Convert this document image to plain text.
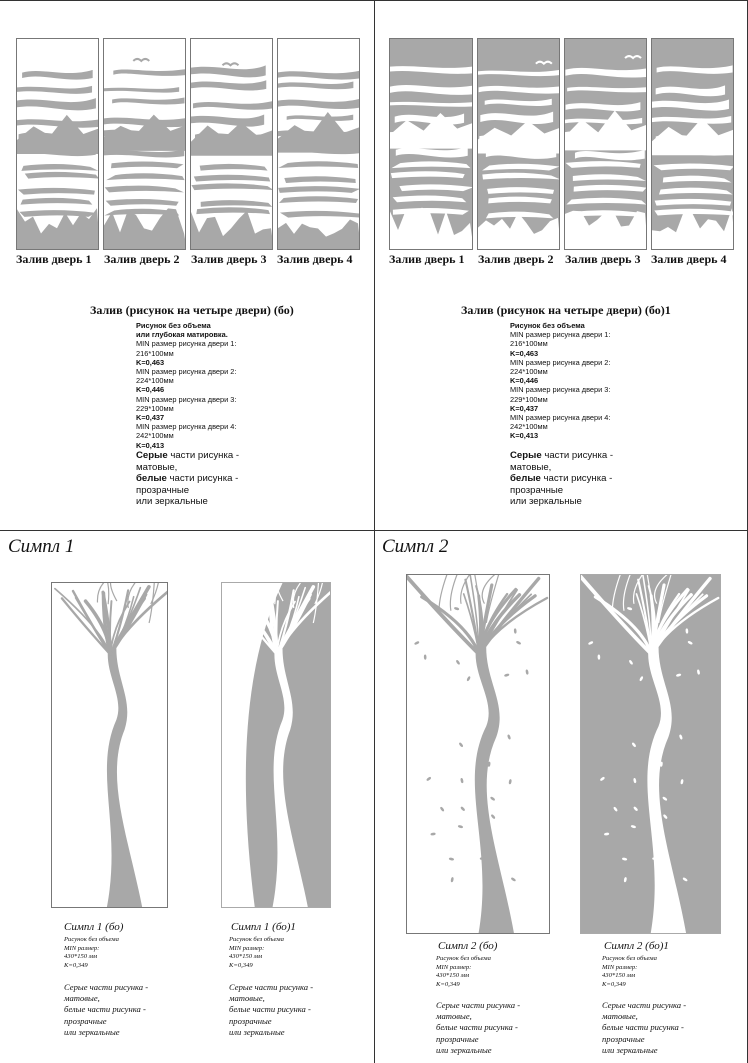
Залив дверь 1 Залив дверь 2 Залив дверь 3 Залив дверь 4
Залив (рисунок на четыре двери) (бо)
Рисунок без объема
или глубокая матировка.
MIN размер рисунка двери 1:
216*100мм
K=0,463
MIN размер рисунка двери 2:
224*100мм
K=0,446
MIN размер рисунка двери 3:
229*100мм
K=0,437
MIN размер рисунка двери 4:
242*100мм
K=0,413
Серые части рисунка -
матовые,
белые части рисунка -
прозрачные
или зеркальные
Залив дверь 1 Залив дверь 2 Залив дверь 3 Залив дверь 4
Залив (рисунок на четыре двери) (бо)1
Рисунок без объема
MIN размер рисунка двери 1:
216*100мм
K=0,463
MIN размер рисунка двери 2:
224*100мм
K=0,446
MIN размер рисунка двери 3:
229*100мм
K=0,437
MIN размер рисунка двери 4:
242*100мм
K=0,413
Серые части рисунка -
матовые,
белые части рисунка -
прозрачные
или зеркальные
Симпл 1
Симпл 1 (бо)
Рисунок без объема
MIN размер:
430*150 мм
K=0,349
Серые части рисунка -
матовые,
белые части рисунка -
прозрачные
или зеркальные
Симпл 1 (бо)1
Рисунок без объема
MIN размер:
430*150 мм
K=0,349
Серые части рисунка -
матовые,
белые части рисунка -
прозрачные
или зеркальные
Симпл 2
Симпл 2 (бо)
Рисунок без объема
MIN размер:
430*150 мм
K=0,349
Серые части рисунка -
матовые,
белые части рисунка -
прозрачные
или зеркальные
Симпл 2 (бо)1
Рисунок без объема
MIN размер:
430*150 мм
K=0,349
Серые части рисунка -
матовые,
белые части рисунка -
прозрачные
или зеркальные
